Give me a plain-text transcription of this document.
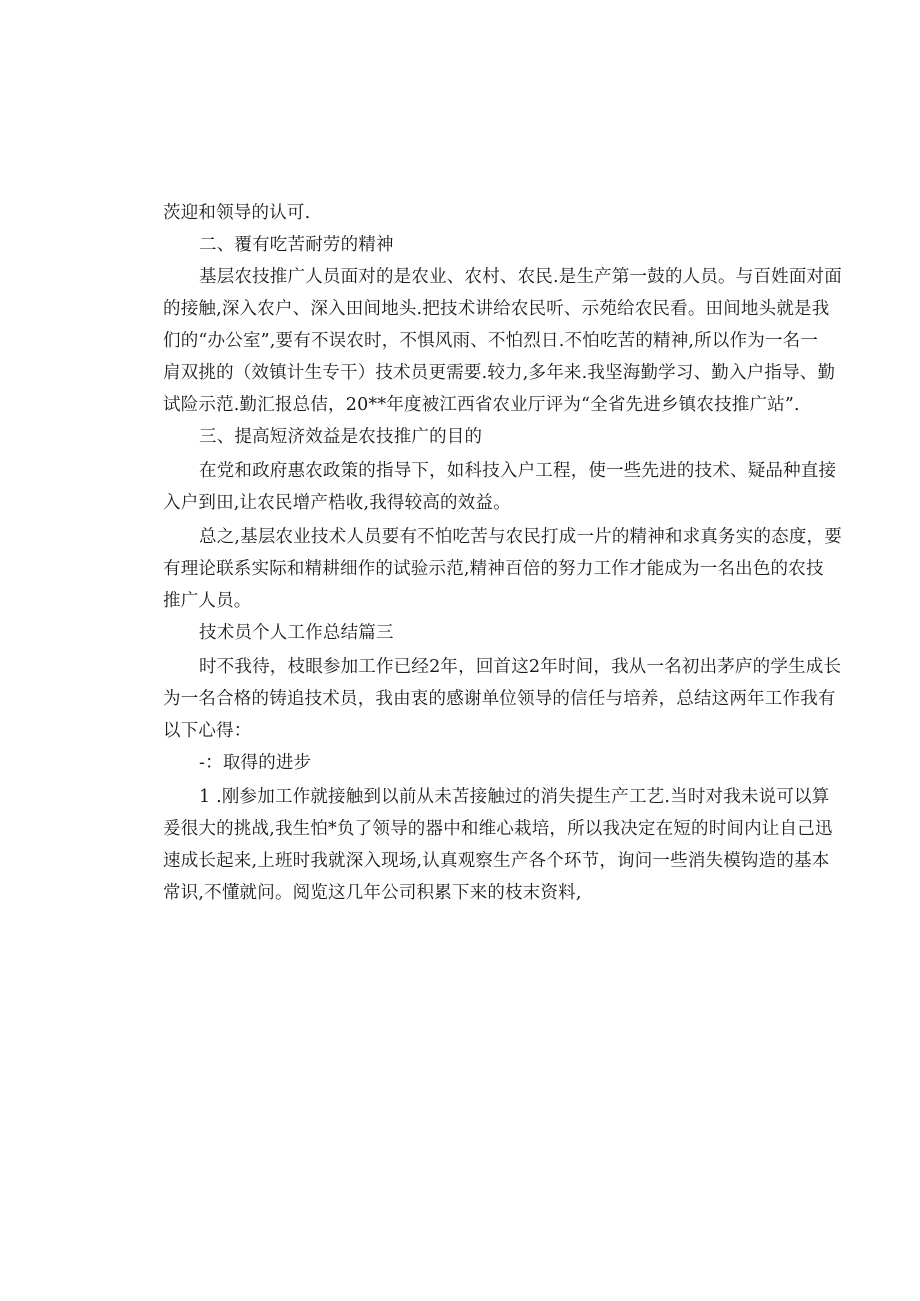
茨迎和领导的认可.
二、覆有吃苦耐劳的精神
基层农技推广人员面对的是农业、农村、农民.是生产第一鼓的人员。与百姓面对面
的接触,深入农户、深入田间地头.把技术讲给农民听、示苑给农民看。田间地头就是我
们的“办公室”,要有不误农时，不惧风雨、不怕烈日.不怕吃苦的精神,所以作为一名一
肩双挑的（效镇计生专干）技术员更需要.较力,多年来.我坚海勤学习、勤入户指导、勤
试险示范.勤汇报总佶，20**年度被江西省农业厅评为“全省先进乡镇农技推广站”.
三、提高短济效益是农技推广的目的
在党和政府惠农政策的指导下，如科技入户工程，使一些先进的技术、疑品种直接
入户到田,让农民增产梏收,我得较高的效益。
总之,基层农业技术人员要有不怕吃苦与农民打成一片的精神和求真务实的态度，要
有理论联系实际和精耕细作的试验示范,精神百倍的努力工作才能成为一名出色的农技
推广人员。
技术员个人工作总结篇三
时不我待，枝眼参加工作已经2年，回首这2年时间，我从一名初出茅庐的学生成长
为一名合格的铸追技术员，我由衷的感谢单位领导的信任与培养，总结这两年工作我有
以下心得：
-：取得的进步
1 .刚参加工作就接触到以前从未苫接触过的消失提生产工艺.当时对我未说可以算
爰很大的挑战,我生怕*负了领导的器中和维心栽培，所以我决定在短的时间内让自己迅
速成长起来,上班时我就深入现场,认真观察生产各个环节，询问一些消失模钩造的基本
常识,不懂就问。阅览这几年公司积累下来的枝末资料,
